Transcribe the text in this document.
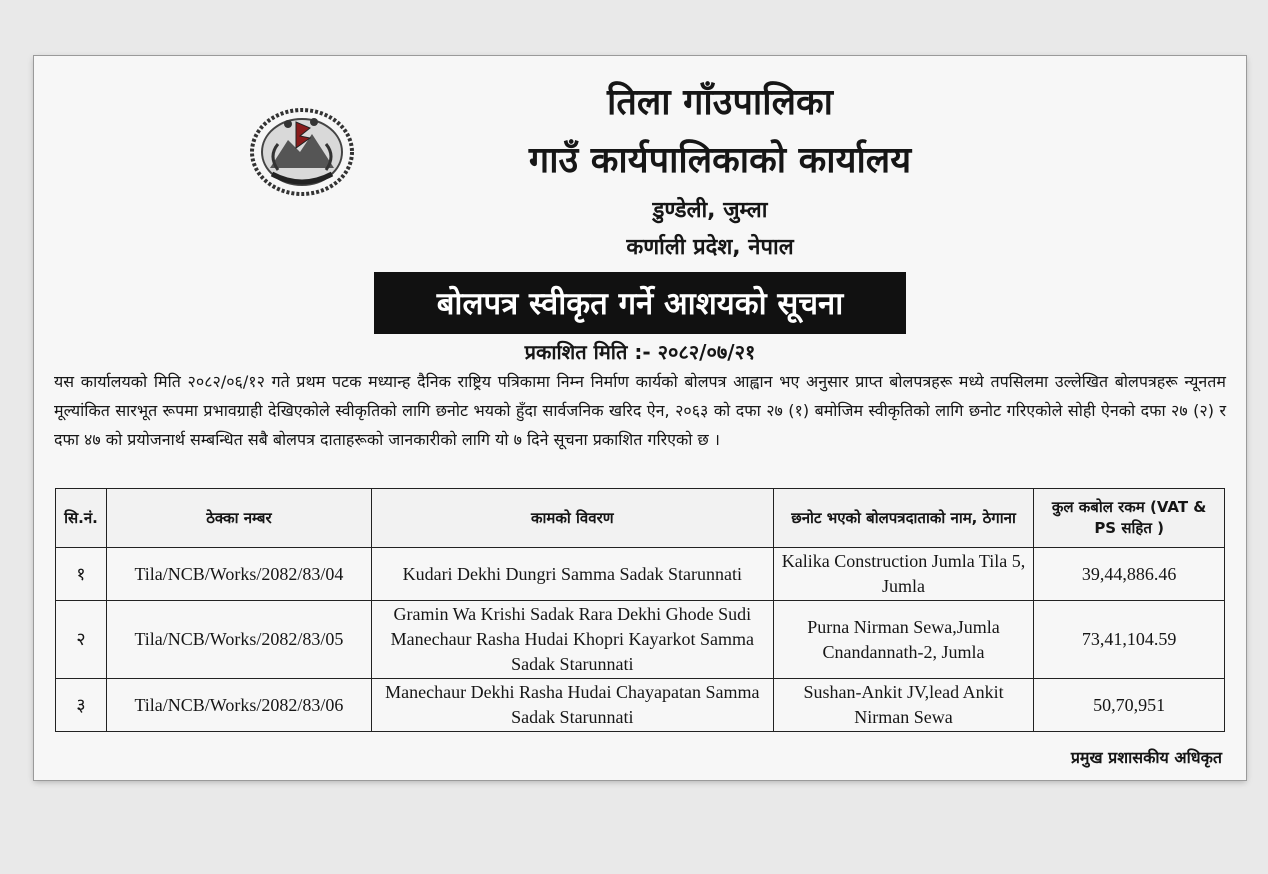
तिला गाँउपालिका
गाउँ कार्यपालिकाको कार्यालय
डुण्डेली, जुम्ला
कर्णाली प्रदेश, नेपाल
बोलपत्र स्वीकृत गर्ने आशयको सूचना
प्रकाशित मिति :- २०८२/०७/२१
यस कार्यालयको मिति २०८२/०६/१२ गते प्रथम पटक मध्यान्ह दैनिक राष्ट्रिय पत्रिकामा निम्न निर्माण कार्यको बोलपत्र आह्वान भए अनुसार प्राप्त बोलपत्रहरू मध्ये तपसिलमा उल्लेखित बोलपत्रहरू न्यूनतम मूल्यांकित सारभूत रूपमा प्रभावग्राही देखिएकोले स्वीकृतिको लागि छनोट भयको हुँदा सार्वजनिक खरिद ऐन, २०६३ को दफा २७ (१) बमोजिम स्वीकृतिको लागि छनोट गरिएकोले सोही ऐनको दफा २७ (२) र दफा ४७ को प्रयोजनार्थ सम्बन्धित सबै बोलपत्र दाताहरूको जानकारीको लागि यो ७ दिने सूचना प्रकाशित गरिएको छ ।
सि.नं.	ठेक्का नम्बर	कामको विवरण	छनोट भएको बोलपत्रदाताको नाम, ठेगाना	कुल कबोल रकम (VAT & PS सहित )
१	Tila/NCB/Works/2082/83/04	Kudari Dekhi Dungri Samma Sadak Starunnati	Kalika Construction Jumla Tila 5, Jumla	39,44,886.46
२	Tila/NCB/Works/2082/83/05	Gramin Wa Krishi Sadak Rara Dekhi Ghode Sudi Manechaur Rasha Hudai Khopri Kayarkot Samma Sadak Starunnati	Purna Nirman Sewa,Jumla Cnandannath-2, Jumla	73,41,104.59
३	Tila/NCB/Works/2082/83/06	Manechaur Dekhi Rasha Hudai Chayapatan Samma Sadak Starunnati	Sushan-Ankit JV,lead Ankit Nirman Sewa	50,70,951
प्रमुख प्रशासकीय अधिकृत
